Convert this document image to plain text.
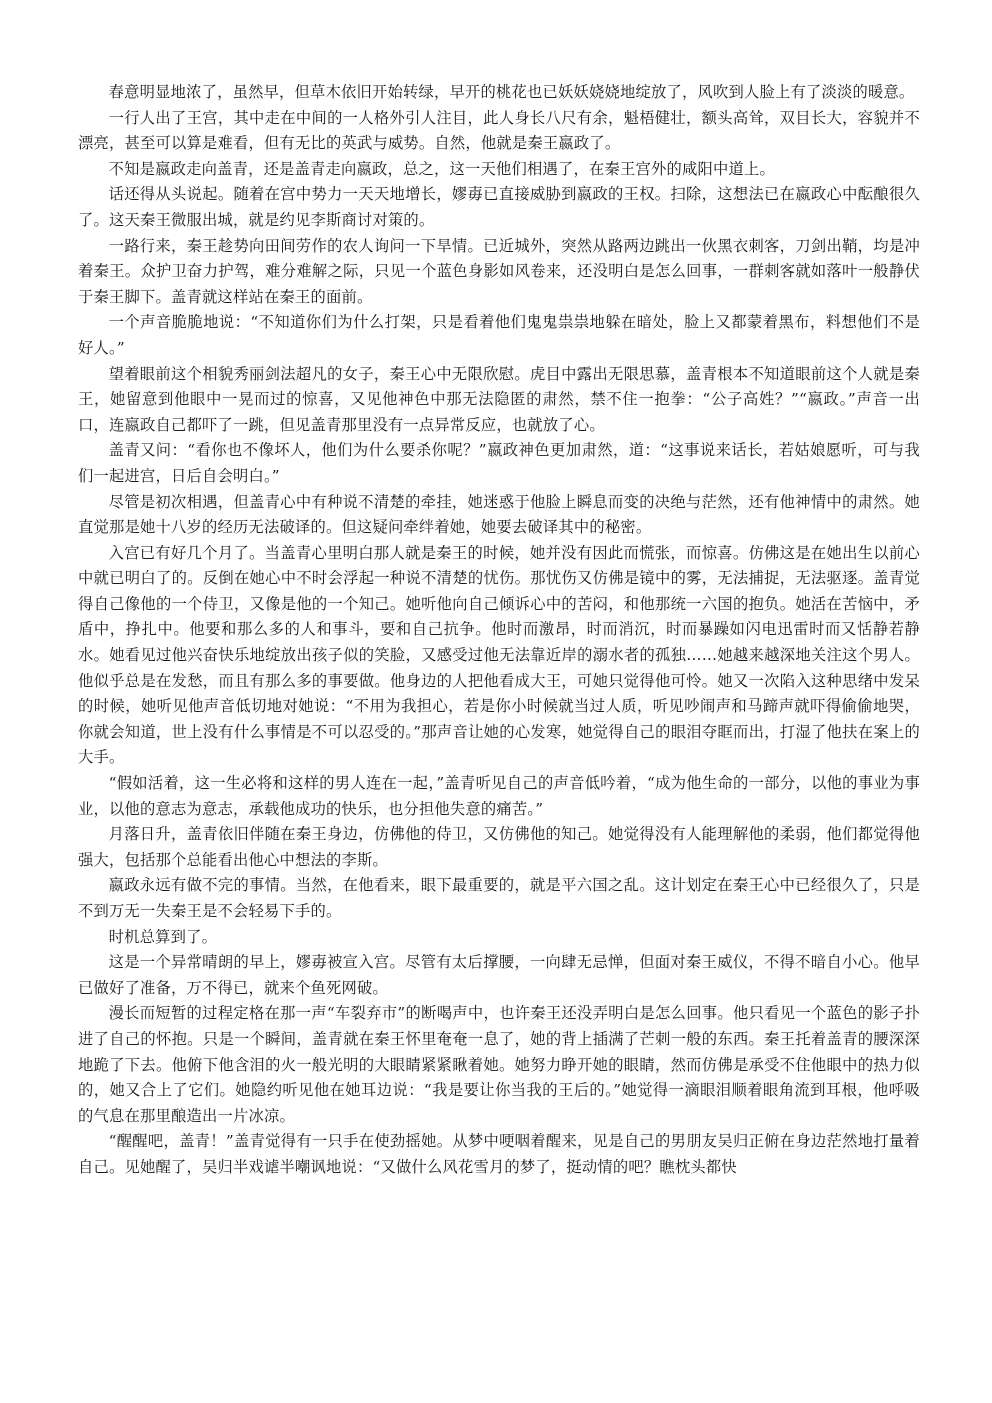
春意明显地浓了，虽然早，但草木依旧开始转绿，早开的桃花也已妖妖娆娆地绽放了，风吹到人脸上有了淡淡的暖意。

一行人出了王宫，其中走在中间的一人格外引人注目，此人身长八尺有余，魁梧健壮，额头高耸，双目长大，容貌并不漂亮，甚至可以算是难看，但有无比的英武与威势。自然，他就是秦王嬴政了。

不知是嬴政走向盖青，还是盖青走向嬴政，总之，这一天他们相遇了，在秦王宫外的咸阳中道上。

话还得从头说起。随着在宫中势力一天天地增长，嫪毐已直接威胁到嬴政的王权。扫除，这想法已在嬴政心中酝酿很久了。这天秦王微服出城，就是约见李斯商讨对策的。

一路行来，秦王趁势向田间劳作的农人询问一下旱情。已近城外，突然从路两边跳出一伙黑衣刺客，刀剑出鞘，均是冲着秦王。众护卫奋力护驾，难分难解之际，只见一个蓝色身影如风卷来，还没明白是怎么回事，一群刺客就如落叶一般静伏于秦王脚下。盖青就这样站在秦王的面前。

一个声音脆脆地说：“不知道你们为什么打架，只是看着他们鬼鬼祟祟地躲在暗处，脸上又都蒙着黑布，料想他们不是好人。”

望着眼前这个相貌秀丽剑法超凡的女子，秦王心中无限欣慰。虎目中露出无限思慕，盖青根本不知道眼前这个人就是秦王，她留意到他眼中一晃而过的惊喜，又见他神色中那无法隐匿的肃然，禁不住一抱拳：“公子高姓？”“嬴政。”声音一出口，连嬴政自己都吓了一跳，但见盖青那里没有一点异常反应，也就放了心。

盖青又问：“看你也不像坏人，他们为什么要杀你呢？”嬴政神色更加肃然，道：“这事说来话长，若姑娘愿听，可与我们一起进宫，日后自会明白。”

尽管是初次相遇，但盖青心中有种说不清楚的牵挂，她迷惑于他脸上瞬息而变的决绝与茫然，还有他神情中的肃然。她直觉那是她十八岁的经历无法破译的。但这疑问牵绊着她，她要去破译其中的秘密。

入宫已有好几个月了。当盖青心里明白那人就是秦王的时候，她并没有因此而慌张，而惊喜。仿佛这是在她出生以前心中就已明白了的。反倒在她心中不时会浮起一种说不清楚的忧伤。那忧伤又仿佛是镜中的雾，无法捕捉，无法驱逐。盖青觉得自己像他的一个侍卫，又像是他的一个知己。她听他向自己倾诉心中的苦闷，和他那统一六国的抱负。她活在苦恼中，矛盾中，挣扎中。他要和那么多的人和事斗，要和自己抗争。他时而激昂，时而消沉，时而暴躁如闪电迅雷时而又恬静若静水。她看见过他兴奋快乐地绽放出孩子似的笑脸，又感受过他无法靠近岸的溺水者的孤独……她越来越深地关注这个男人。他似乎总是在发愁，而且有那么多的事要做。他身边的人把他看成大王，可她只觉得他可怜。她又一次陷入这种思绪中发呆的时候，她听见他声音低切地对她说：“不用为我担心，若是你小时候就当过人质，听见吵闹声和马蹄声就吓得偷偷地哭，你就会知道，世上没有什么事情是不可以忍受的。”那声音让她的心发寒，她觉得自己的眼泪夺眶而出，打湿了他扶在案上的大手。

“假如活着，这一生必将和这样的男人连在一起，”盖青听见自己的声音低吟着，“成为他生命的一部分，以他的事业为事业，以他的意志为意志，承载他成功的快乐，也分担他失意的痛苦。”

月落日升，盖青依旧伴随在秦王身边，仿佛他的侍卫，又仿佛他的知己。她觉得没有人能理解他的柔弱，他们都觉得他强大，包括那个总能看出他心中想法的李斯。

嬴政永远有做不完的事情。当然，在他看来，眼下最重要的，就是平六国之乱。这计划定在秦王心中已经很久了，只是不到万无一失秦王是不会轻易下手的。

时机总算到了。

这是一个异常晴朗的早上，嫪毐被宣入宫。尽管有太后撑腰，一向肆无忌惮，但面对秦王威仪，不得不暗自小心。他早已做好了准备，万不得已，就来个鱼死网破。

漫长而短暂的过程定格在那一声“车裂弃市”的断喝声中，也许秦王还没弄明白是怎么回事。他只看见一个蓝色的影子扑进了自己的怀抱。只是一个瞬间，盖青就在秦王怀里奄奄一息了，她的背上插满了芒刺一般的东西。秦王托着盖青的腰深深地跪了下去。他俯下他含泪的火一般光明的大眼睛紧紧瞅着她。她努力睁开她的眼睛，然而仿佛是承受不住他眼中的热力似的，她又合上了它们。她隐约听见他在她耳边说：“我是要让你当我的王后的。”她觉得一滴眼泪顺着眼角流到耳根，他呼吸的气息在那里酿造出一片冰凉。

“醒醒吧，盖青！”盖青觉得有一只手在使劲摇她。从梦中哽咽着醒来，见是自己的男朋友吴归正俯在身边茫然地打量着自己。见她醒了，吴归半戏谑半嘲讽地说：“又做什么风花雪月的梦了，挺动情的吧？瞧枕头都快
